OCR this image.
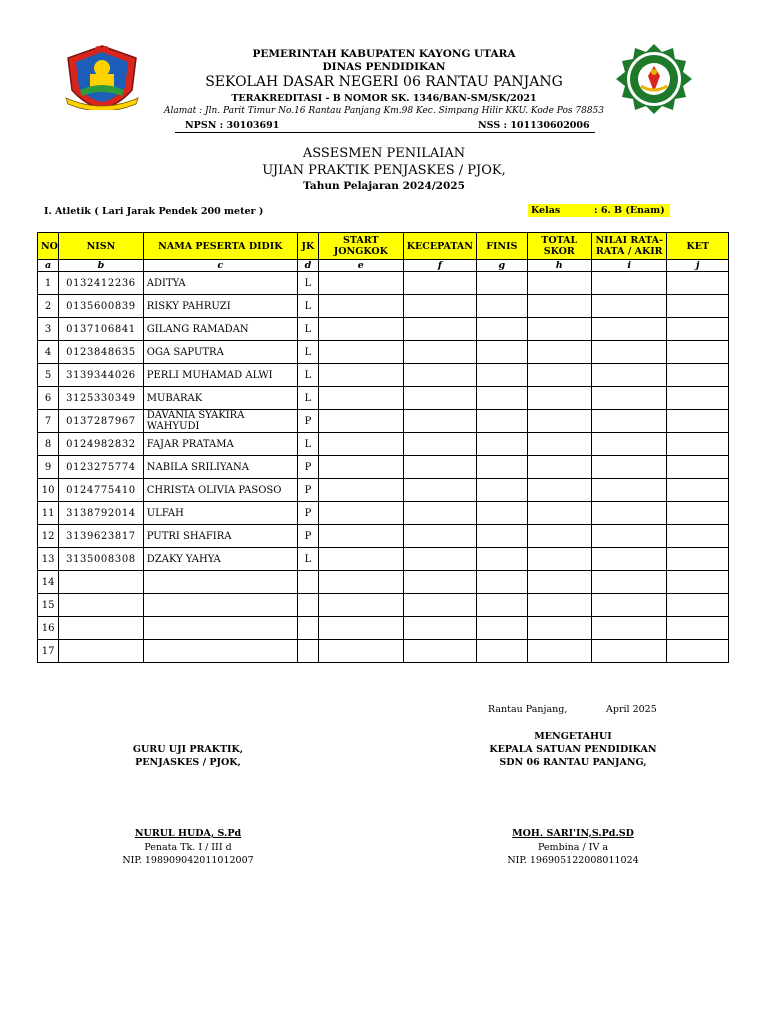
PEMERINTAH KABUPATEN KAYONG UTARA
DINAS PENDIDIKAN
SEKOLAH DASAR NEGERI 06 RANTAU PANJANG
TERAKREDITASI - B NOMOR SK. 1346/BAN-SM/SK/2021
Alamat : Jln. Parit Timur No.16 Rantau Panjang Km.98 Kec. Simpang Hilir KKU. Kode Pos 78853
NPSN : 30103691	NSS : 101130602006
ASSESMEN PENILAIAN
UJIAN PRAKTIK PENJASKES / PJOK,
Tahun Pelajaran 2024/2025
I. Atletik ( Lari Jarak Pendek 200 meter )	Kelas	: 6. B (Enam)
NO	NISN	NAMA PESERTA DIDIK	JK	START JONGKOK	KECEPATAN	FINIS	TOTAL SKOR	NILAI RATA-RATA / AKIR	KET
a	b	c	d	e	f	g	h	i	j
1	0132412236	ADITYA	L						
2	0135600839	RISKY PAHRUZI	L						
3	0137106841	GILANG RAMADAN	L						
4	0123848635	OGA SAPUTRA	L						
5	3139344026	PERLI MUHAMAD ALWI	L						
6	3125330349	MUBARAK	L						
7	0137287967	DAVANIA SYAKIRA WAHYUDI	P						
8	0124982832	FAJAR PRATAMA	L						
9	0123275774	NABILA SRILIYANA	P						
10	0124775410	CHRISTA OLIVIA PASOSO	P						
11	3138792014	ULFAH	P						
12	3139623817	PUTRI SHAFIRA	P						
13	3135008308	DZAKY YAHYA	L						
14									
15									
16									
17									
Rantau Panjang,	April 2025
MENGETAHUI
KEPALA SATUAN PENDIDIKAN
SDN 06 RANTAU PANJANG,
GURU UJI PRAKTIK,
PENJASKES / PJOK,
NURUL HUDA, S.Pd
Penata Tk. I / III d
NIP. 198909042011012007
MOH. SARI'IN,S.Pd.SD
Pembina / IV a
NIP. 196905122008011024
